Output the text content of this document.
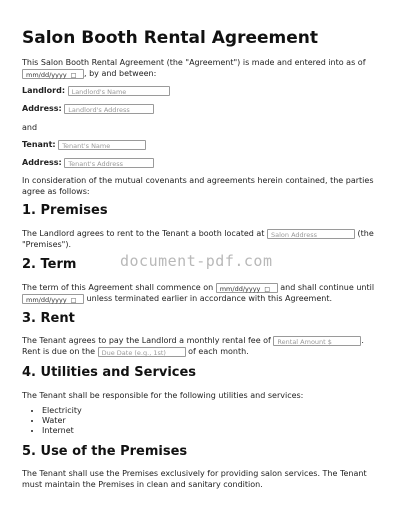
Salon Booth Rental Agreement

This Salon Booth Rental Agreement (the "Agreement") is made and entered into as of
mm/dd/yyyy □ , by and between:

Landlord: Landlord's Name

Address: Landlord's Address

and

Tenant: Tenant's Name

Address: Tenant's Address

In consideration of the mutual covenants and agreements herein contained, the parties agree as follows:

1. Premises

The Landlord agrees to rent to the Tenant a booth located at Salon Address	(the
"Premises").

2. Term

The term of this Agreement shall commence on mm/dd/yyyy □ and shall continue until
mm/dd/yyyy □ unless terminated earlier in accordance with this Agreement.

3. Rent

The Tenant agrees to pay the Landlord a monthly rental fee of Rental Amount $	.
Rent is due on the Due Date (e.g., 1st)	of each month.

4. Utilities and Services

The Tenant shall be responsible for the following utilities and services:

• Electricity
• Water
• Internet
5. Use of the Premises

The Tenant shall use the Premises exclusively for providing salon services. The Tenant must maintain the Premises in clean and sanitary condition.

document-pdf.com
